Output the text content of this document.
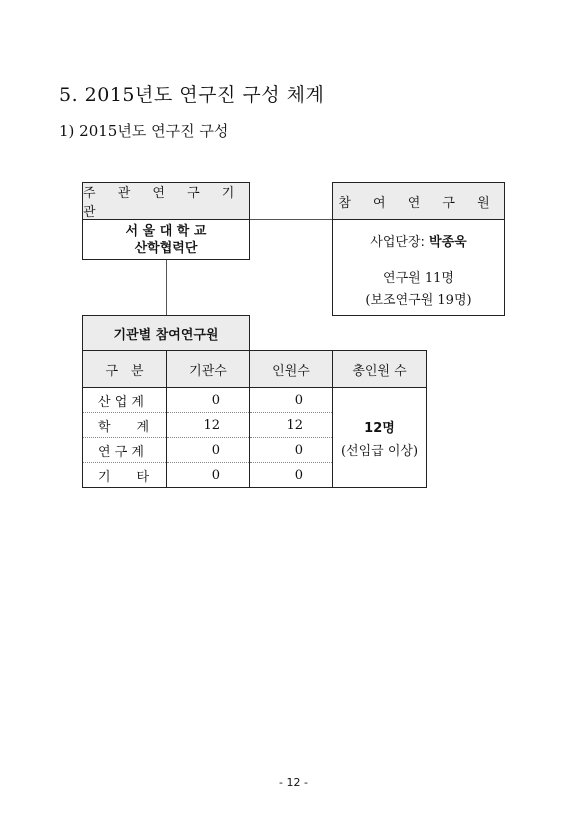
5. 2015년도 연구진 구성 체계
1) 2015년도 연구진 구성
주 관 연 구 기 관
서 울 대 학 교
산학협력단
참 여 연 구 원
사업단장: 박종욱
연구원 11명
(보조연구원 19명)
기관별 참여연구원
구　분	기관수	인원수	총인원 수
산 업 계	0	0	12명
(선임급 이상)

학　　계	12	12	
연 구 계	0	0	
기　　타	0	0	
- 12 -
